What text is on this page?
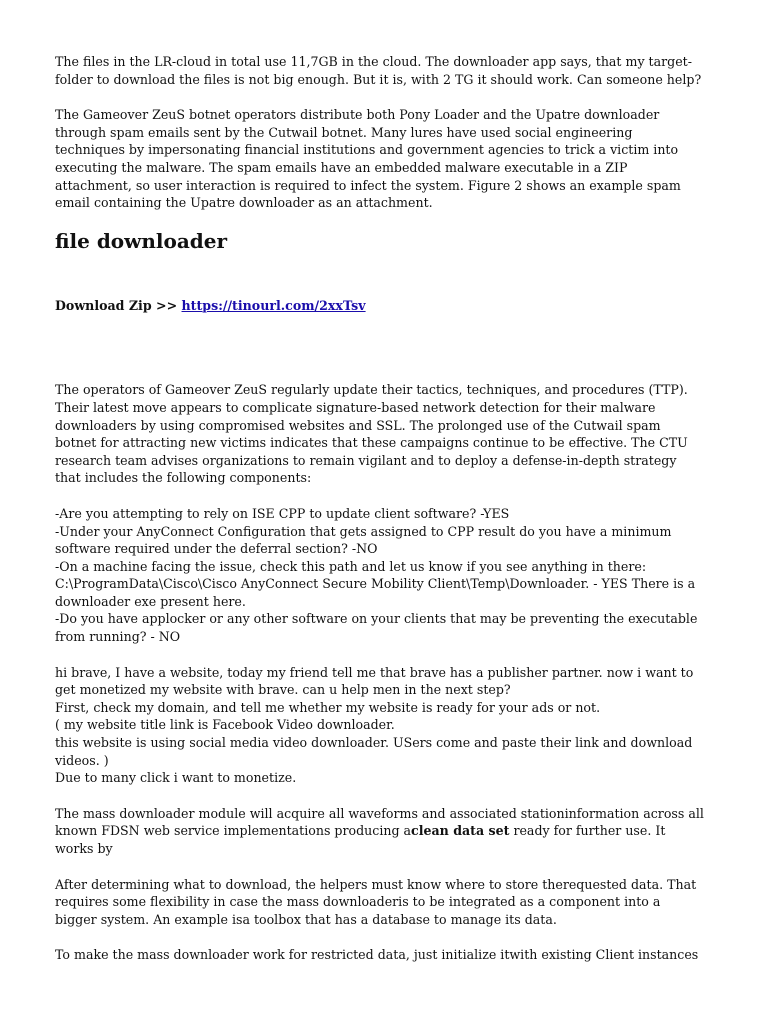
The files in the LR-cloud in total use 11,7GB in the cloud. The downloader app says, that my target-
folder to download the files is not big enough. But it is, with 2 TG it should work. Can someone help?

The Gameover ZeuS botnet operators distribute both Pony Loader and the Upatre downloader
through spam emails sent by the Cutwail botnet. Many lures have used social engineering
techniques by impersonating financial institutions and government agencies to trick a victim into
executing the malware. The spam emails have an embedded malware executable in a ZIP
attachment, so user interaction is required to infect the system. Figure 2 shows an example spam
email containing the Upatre downloader as an attachment.

file downloader
Download Zip >> https://tinourl.com/2xxTsv

The operators of Gameover ZeuS regularly update their tactics, techniques, and procedures (TTP).
Their latest move appears to complicate signature-based network detection for their malware
downloaders by using compromised websites and SSL. The prolonged use of the Cutwail spam
botnet for attracting new victims indicates that these campaigns continue to be effective. The CTU
research team advises organizations to remain vigilant and to deploy a defense-in-depth strategy
that includes the following components:

-Are you attempting to rely on ISE CPP to update client software? -YES
-Under your AnyConnect Configuration that gets assigned to CPP result do you have a minimum
software required under the deferral section? -NO
-On a machine facing the issue, check this path and let us know if you see anything in there:
C:\ProgramData\Cisco\Cisco AnyConnect Secure Mobility Client\Temp\Downloader. - YES There is a
downloader exe present here.
-Do you have applocker or any other software on your clients that may be preventing the executable
from running? - NO

hi brave, I have a website, today my friend tell me that brave has a publisher partner. now i want to
get monetized my website with brave. can u help men in the next step?
First, check my domain, and tell me whether my website is ready for your ads or not.
( my website title link is Facebook Video downloader.
this website is using social media video downloader. USers come and paste their link and download
videos. )
Due to many click i want to monetize.

The mass downloader module will acquire all waveforms and associated stationinformation across all
known FDSN web service implementations producing aclean data set ready for further use. It
works by

After determining what to download, the helpers must know where to store therequested data. That
requires some flexibility in case the mass downloaderis to be integrated as a component into a
bigger system. An example isa toolbox that has a database to manage its data.

To make the mass downloader work for restricted data, just initialize itwith existing Client instances
